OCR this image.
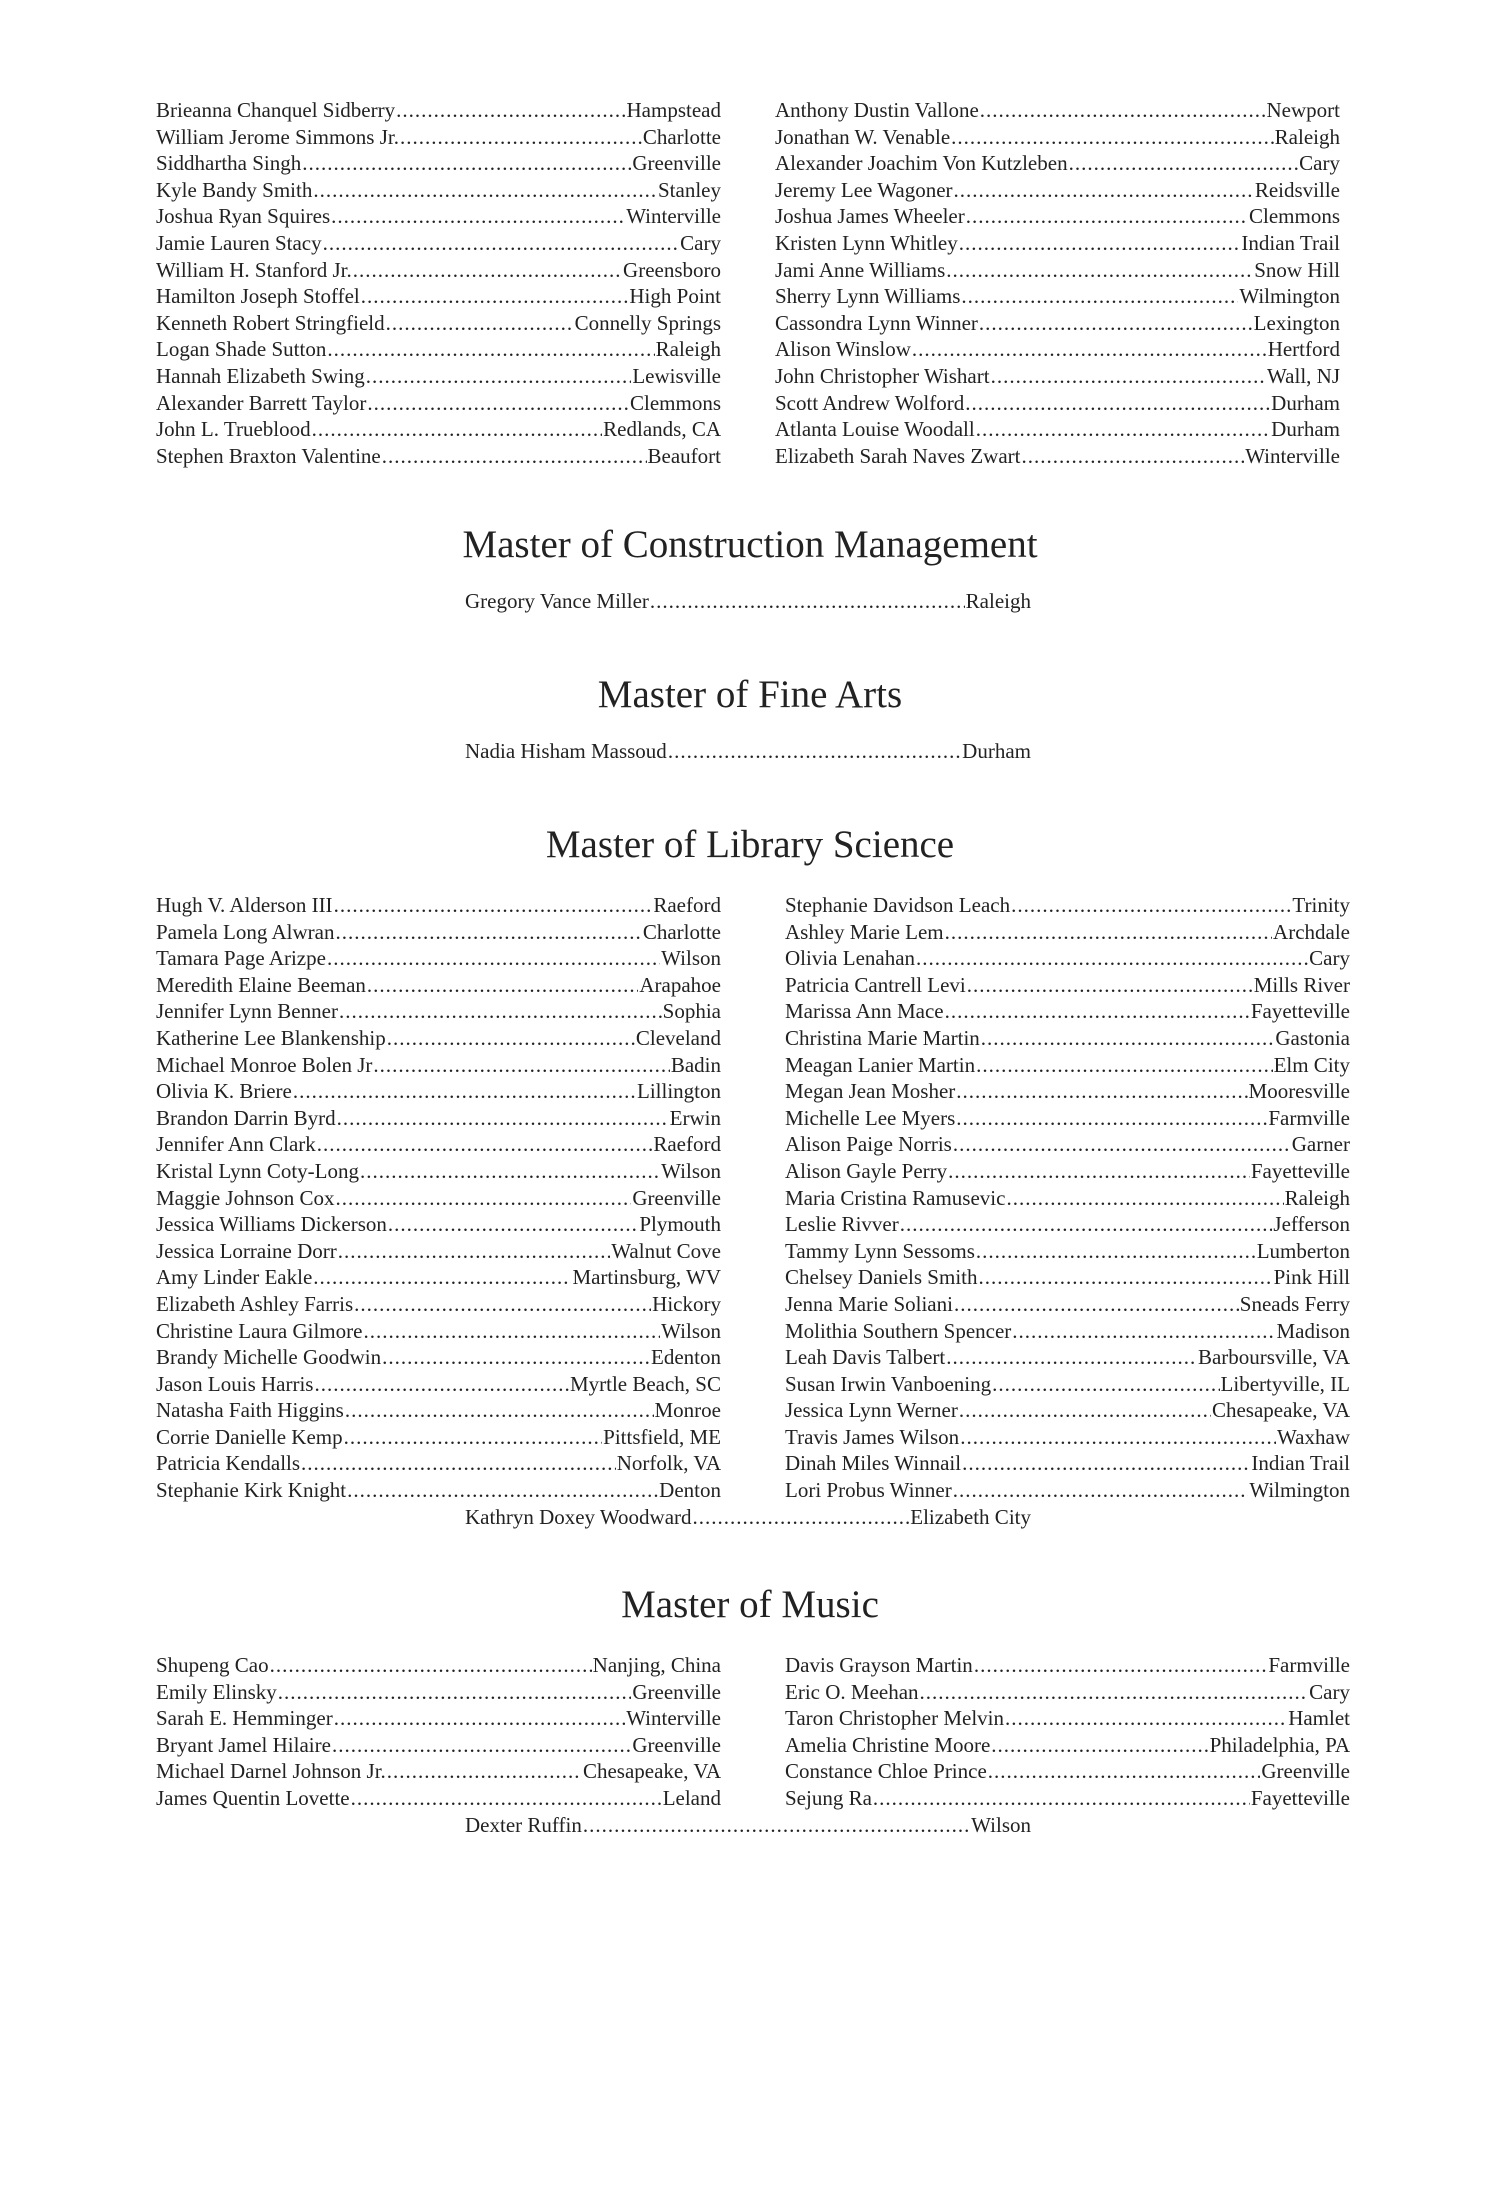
Brieanna Chanquel Sidberry .....	Hampstead
William Jerome Simmons Jr. .....	Charlotte
Siddhartha Singh .....	Greenville
Kyle Bandy Smith .....	Stanley
Joshua Ryan Squires .....	Winterville
Jamie Lauren Stacy .....	Cary
William H. Stanford Jr. .....	Greensboro
Hamilton Joseph Stoffel .....	High Point
Kenneth Robert Stringfield .....	Connelly Springs
Logan Shade Sutton .....	Raleigh
Hannah Elizabeth Swing .....	Lewisville
Alexander Barrett Taylor .....	Clemmons
John L. Trueblood .....	Redlands, CA
Stephen Braxton Valentine .....	Beaufort
Anthony Dustin Vallone .....	Newport
Jonathan W. Venable .....	Raleigh
Alexander Joachim Von Kutzleben .....	Cary
Jeremy Lee Wagoner .....	Reidsville
Joshua James Wheeler .....	Clemmons
Kristen Lynn Whitley .....	Indian Trail
Jami Anne Williams .....	Snow Hill
Sherry Lynn Williams .....	Wilmington
Cassondra Lynn Winner .....	Lexington
Alison Winslow .....	Hertford
John Christopher Wishart .....	Wall, NJ
Scott Andrew Wolford .....	Durham
Atlanta Louise Woodall .....	Durham
Elizabeth Sarah Naves Zwart .....	Winterville
Master of Construction Management
Gregory Vance Miller .....	Raleigh
Master of Fine Arts
Nadia Hisham Massoud .....	Durham
Master of Library Science
Hugh V. Alderson III .....	Raeford
Pamela Long Alwran .....	Charlotte
Tamara Page Arizpe .....	Wilson
Meredith Elaine Beeman .....	Arapahoe
Jennifer Lynn Benner .....	Sophia
Katherine Lee Blankenship .....	Cleveland
Michael Monroe Bolen Jr .....	Badin
Olivia K. Briere .....	Lillington
Brandon Darrin Byrd .....	Erwin
Jennifer Ann Clark .....	Raeford
Kristal Lynn Coty-Long .....	Wilson
Maggie Johnson Cox .....	Greenville
Jessica Williams Dickerson .....	Plymouth
Jessica Lorraine Dorr .....	Walnut Cove
Amy Linder Eakle .....	Martinsburg, WV
Elizabeth Ashley Farris .....	Hickory
Christine Laura Gilmore .....	Wilson
Brandy Michelle Goodwin .....	Edenton
Jason Louis Harris .....	Myrtle Beach, SC
Natasha Faith Higgins .....	Monroe
Corrie Danielle Kemp .....	Pittsfield, ME
Patricia Kendalls .....	Norfolk, VA
Stephanie Kirk Knight .....	Denton
Stephanie Davidson Leach .....	Trinity
Ashley Marie Lem .....	Archdale
Olivia Lenahan .....	Cary
Patricia Cantrell Levi .....	Mills River
Marissa Ann Mace .....	Fayetteville
Christina Marie Martin .....	Gastonia
Meagan Lanier Martin .....	Elm City
Megan Jean Mosher .....	Mooresville
Michelle Lee Myers .....	Farmville
Alison Paige Norris .....	Garner
Alison Gayle Perry .....	Fayetteville
Maria Cristina Ramusevic .....	Raleigh
Leslie Rivver .....	Jefferson
Tammy Lynn Sessoms .....	Lumberton
Chelsey Daniels Smith .....	Pink Hill
Jenna Marie Soliani .....	Sneads Ferry
Molithia Southern Spencer .....	Madison
Leah Davis Talbert .....	Barboursville, VA
Susan Irwin Vanboening .....	Libertyville, IL
Jessica Lynn Werner .....	Chesapeake, VA
Travis James Wilson .....	Waxhaw
Dinah Miles Winnail .....	Indian Trail
Lori Probus Winner .....	Wilmington
Kathryn Doxey Woodward .....	Elizabeth City
Master of Music
Shupeng Cao .....	Nanjing, China
Emily Elinsky .....	Greenville
Sarah E. Hemminger .....	Winterville
Bryant Jamel Hilaire .....	Greenville
Michael Darnel Johnson Jr. .....	Chesapeake, VA
James Quentin Lovette .....	Leland
Davis Grayson Martin .....	Farmville
Eric O. Meehan .....	Cary
Taron Christopher Melvin .....	Hamlet
Amelia Christine Moore .....	Philadelphia, PA
Constance Chloe Prince .....	Greenville
Sejung Ra .....	Fayetteville
Dexter Ruffin .....	Wilson
